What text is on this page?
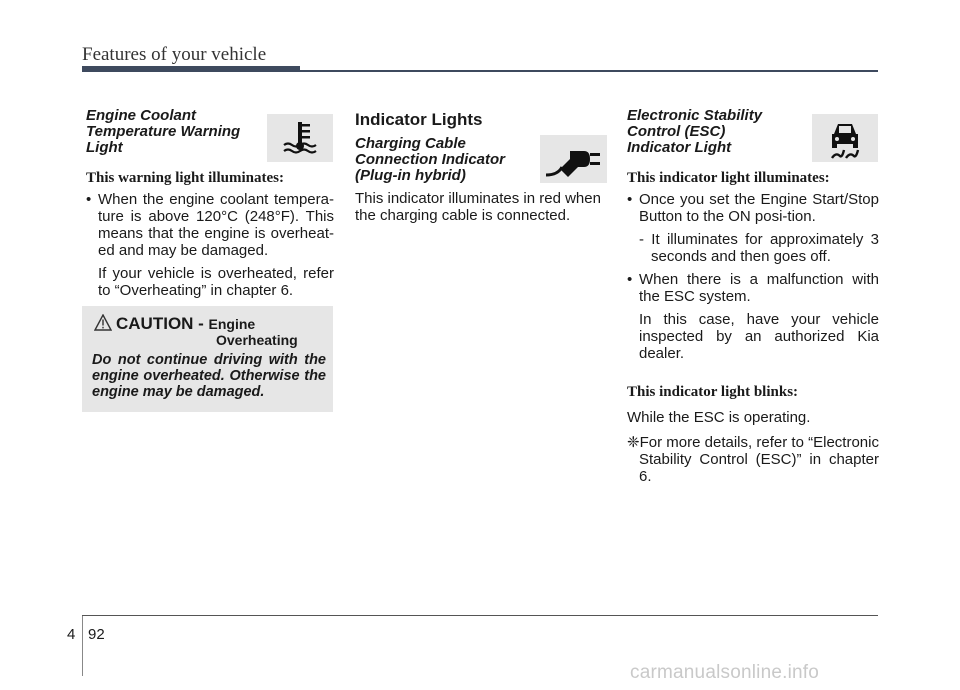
Features of your vehicle

Engine Coolant Temperature Warning Light

This warning light illuminates:
• When the engine coolant tempera-ture is above 120°C (248°F). This means that the engine is overheat-ed and may be damaged.
If your vehicle is overheated, refer to “Overheating” in chapter 6.
CAUTION - Engine
Overheating
Do not continue driving with the engine overheated. Otherwise the engine may be damaged.
Indicator Lights

Charging Cable Connection Indicator (Plug-in hybrid)

This indicator illuminates in red when the charging cable is connected.

Electronic Stability Control (ESC) Indicator Light

This indicator light illuminates:
• Once you set the Engine Start/Stop Button to the ON posi-tion.
- It illuminates for approximately 3 seconds and then goes off.
• When there is a malfunction with the ESC system.
In this case, have your vehicle inspected by an authorized Kia dealer.
This indicator light blinks:
While the ESC is operating.
❈For more details, refer to “Electronic Stability Control (ESC)” in chapter 6.
4 92
carmanualsonline.info
